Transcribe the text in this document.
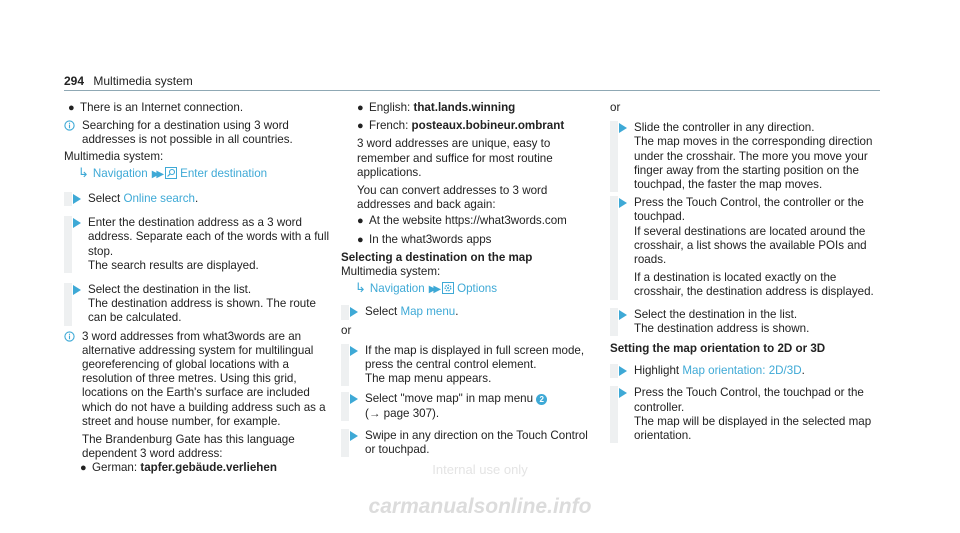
294 Multimedia system

● There is an Internet connection.

Searching for a destination using 3 word addresses is not possible in all countries.

Multimedia system:

↳ Navigation ▶▶ Enter destination

Select Online search.
Enter the destination address as a 3 word address. Separate each of the words with a full stop.
The search results are displayed.
Select the destination in the list.
The destination address is shown. The route can be calculated.

3 word addresses from what3words are an alternative addressing system for multilingual georeferencing of global locations with a resolution of three metres. Using this grid, locations on the Earth's surface are included which do not have a building address such as a street and house number, for example.

The Brandenburg Gate has this language dependent 3 word address:

● German: tapfer.gebäude.verliehen

● English: that.lands.winning

● French: posteaux.bobineur.ombrant

3 word addresses are unique, easy to remember and suffice for most routine applications.

You can convert addresses to 3 word addresses and back again:

● At the website https://what3words.com

● In the what3words apps

Selecting a destination on the map

Multimedia system:

↳ Navigation ▶▶ Options

Select Map menu.

or

If the map is displayed in full screen mode, press the central control element.
The map menu appears.
Select "move map" in map menu 2
(→ page 307).
Swipe in any direction on the Touch Control or touchpad.

or

Slide the controller in any direction.
The map moves in the corresponding direction under the crosshair. The more you move your finger away from the starting position on the touchpad, the faster the map moves.
Press the Touch Control, the controller or the touchpad.
If several destinations are located around the crosshair, a list shows the available POIs and roads.
If a destination is located exactly on the crosshair, the destination address is displayed.
Select the destination in the list.
The destination address is shown.

Setting the map orientation to 2D or 3D

Highlight Map orientation: 2D/3D.
Press the Touch Control, the touchpad or the controller.
The map will be displayed in the selected map orientation.
Internal use only
carmanualsonline.info
